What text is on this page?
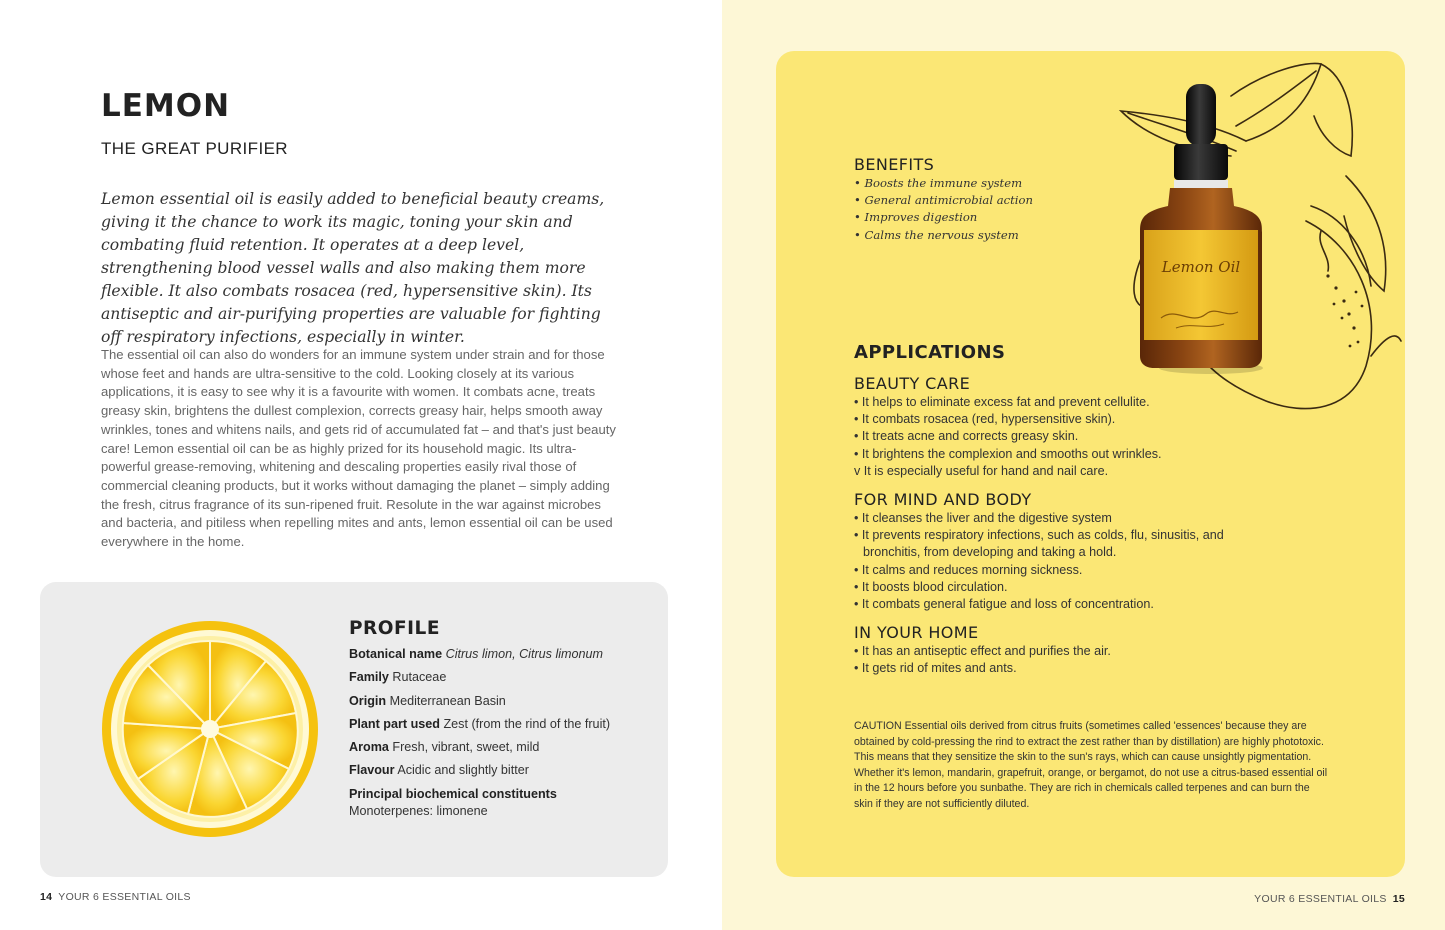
LEMON
THE GREAT PURIFIER

Lemon essential oil is easily added to beneficial beauty creams, giving it the chance to work its magic, toning your skin and combating fluid retention. It operates at a deep level, strengthening blood vessel walls and also making them more flexible. It also combats rosacea (red, hypersensitive skin). Its antiseptic and air-purifying properties are valuable for fighting off respiratory infections, especially in winter.

The essential oil can also do wonders for an immune system under strain and for those whose feet and hands are ultra-sensitive to the cold. Looking closely at its various applications, it is easy to see why it is a favourite with women. It combats acne, treats greasy skin, brightens the dullest complexion, corrects greasy hair, helps smooth away wrinkles, tones and whitens nails, and gets rid of accumulated fat – and that's just beauty care! Lemon essential oil can be as highly prized for its household magic. Its ultra-powerful grease-removing, whitening and descaling properties easily rival those of commercial cleaning products, but it works without damaging the planet – simply adding the fresh, citrus fragrance of its sun-ripened fruit. Resolute in the war against microbes and bacteria, and pitiless when repelling mites and ants, lemon essential oil can be used everywhere in the home.

PROFILE
Botanical name Citrus limon, Citrus limonum
Family Rutaceae
Origin Mediterranean Basin
Plant part used Zest (from the rind of the fruit)
Aroma Fresh, vibrant, sweet, mild
Flavour Acidic and slightly bitter
Principal biochemical constituents
Monoterpenes: limonene
14 YOUR 6 ESSENTIAL OILS
Lemon Oil
BENEFITS
• Boosts the immune system
• General antimicrobial action
• Improves digestion
• Calms the nervous system
APPLICATIONS
BEAUTY CARE
• It helps to eliminate excess fat and prevent cellulite.
• It combats rosacea (red, hypersensitive skin).
• It treats acne and corrects greasy skin.
• It brightens the complexion and smooths out wrinkles.
v It is especially useful for hand and nail care.
FOR MIND AND BODY
• It cleanses the liver and the digestive system
• It prevents respiratory infections, such as colds, flu, sinusitis, and bronchitis, from developing and taking a hold.
• It calms and reduces morning sickness.
• It boosts blood circulation.
• It combats general fatigue and loss of concentration.
IN YOUR HOME
• It has an antiseptic effect and purifies the air.
• It gets rid of mites and ants.

CAUTION Essential oils derived from citrus fruits (sometimes called 'essences' because they are obtained by cold-pressing the rind to extract the zest rather than by distillation) are highly phototoxic. This means that they sensitize the skin to the sun's rays, which can cause unsightly pigmentation. Whether it's lemon, mandarin, grapefruit, orange, or bergamot, do not use a citrus-based essential oil in the 12 hours before you sunbathe. They are rich in chemicals called terpenes and can burn the skin if they are not sufficiently diluted.

YOUR 6 ESSENTIAL OILS 15
